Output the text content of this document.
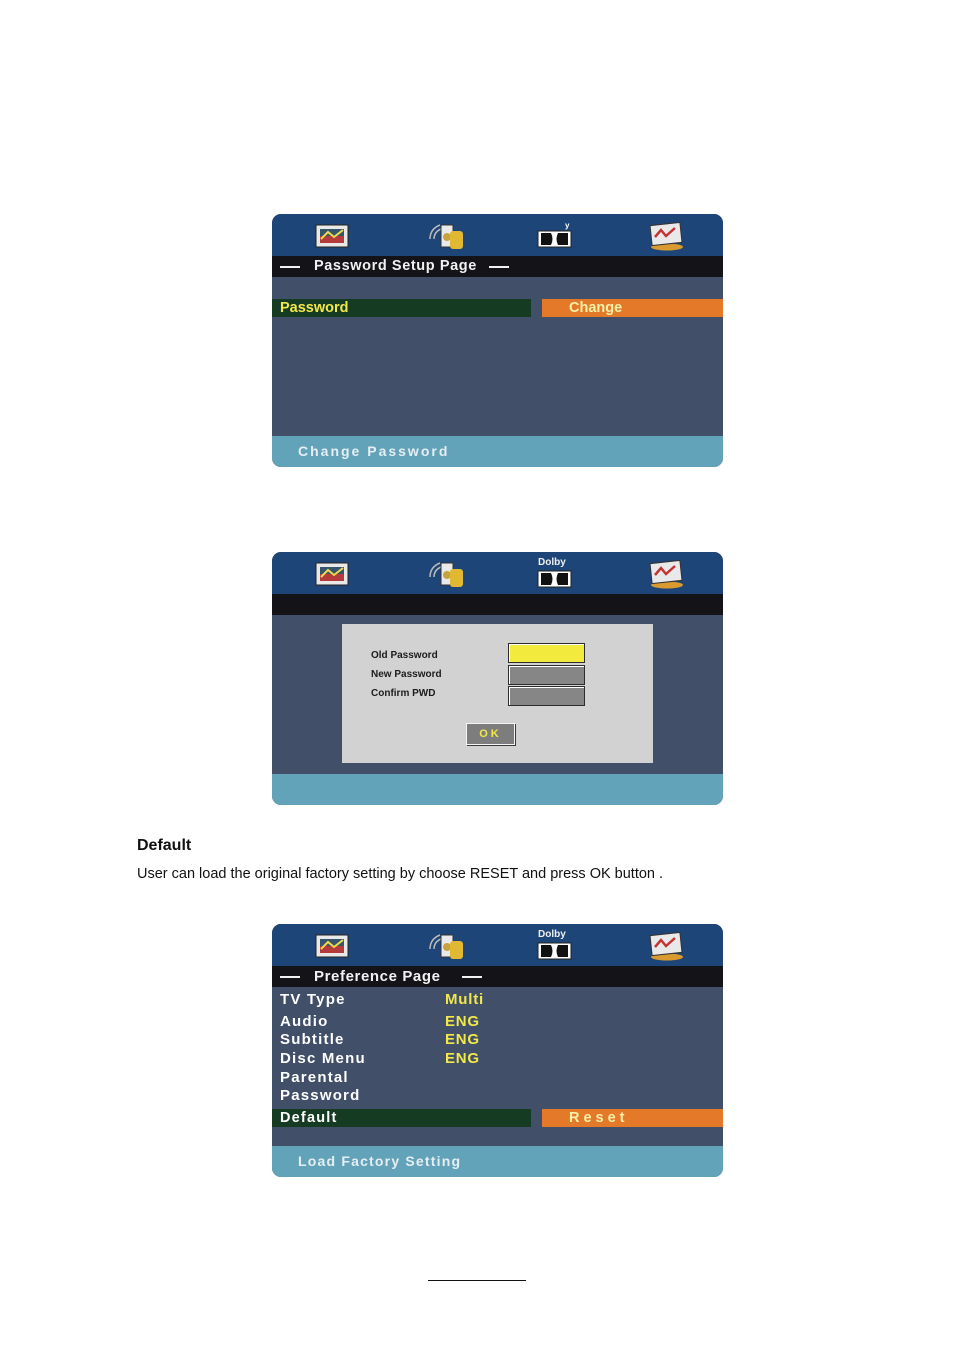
y
Password Setup Page
Password	Change
Change Password
Dolby
Old Password
New Password
Confirm PWD
OK
Default
User can load the original factory setting by choose RESET and press OK button .
Dolby
Preference Page
TV Type	Multi
Audio	ENG
Subtitle	ENG
Disc Menu	ENG
Parental
Password
Default	Reset
Load Factory Setting
